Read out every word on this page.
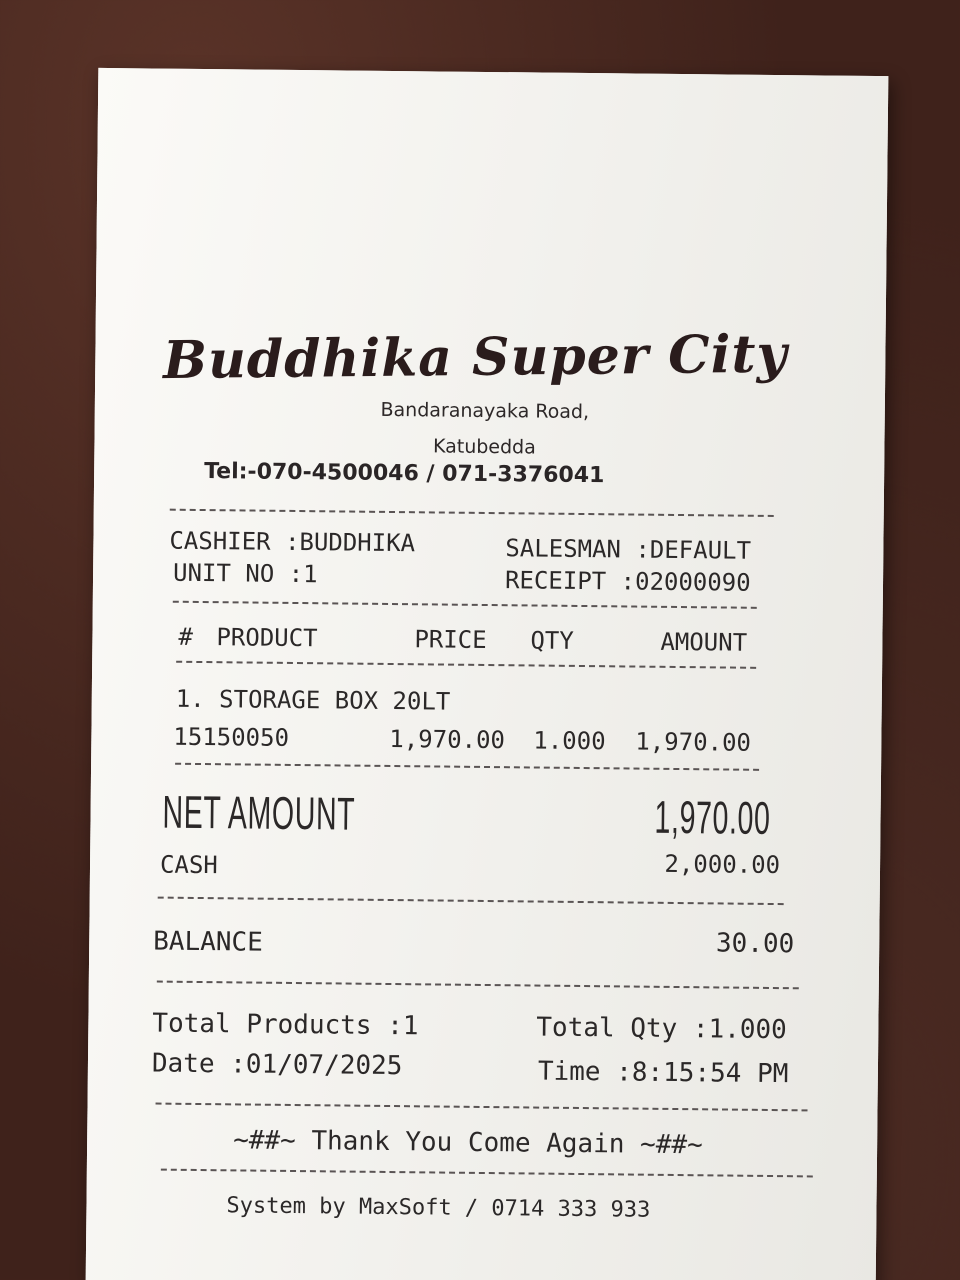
Buddhika Super City
Bandaranayaka Road,
Katubedda
Tel:-070-4500046 / 071-3376041
CASHIER :BUDDHIKA	SALESMAN :DEFAULT
UNIT NO :1	RECEIPT :02000090
# PRODUCT	PRICE QTY	AMOUNT
1. STORAGE BOX 20LT
15150050	1,970.00 1.000 1,970.00
NET AMOUNT	1,970.00
CASH	2,000.00
BALANCE	30.00
Total Products :1	Total Qty :1.000
Date :01/07/2025	Time :8:15:54 PM
~##~ Thank You Come Again ~##~
System by MaxSoft / 0714 333 933
